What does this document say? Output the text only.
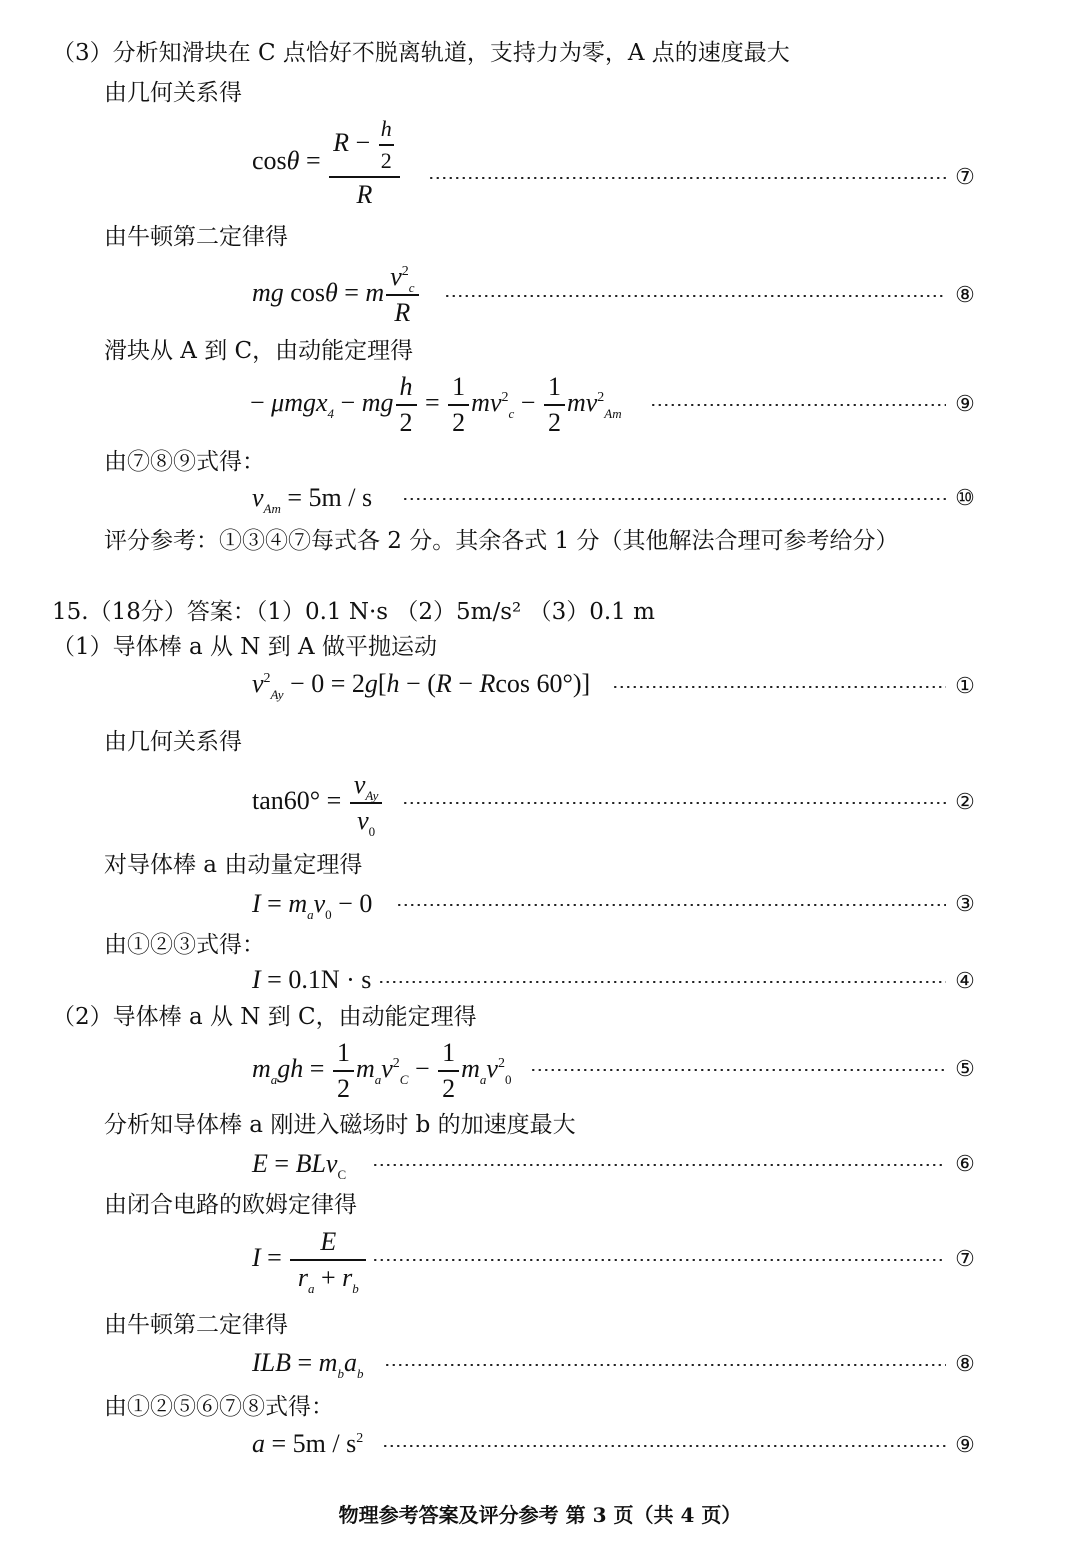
（3）分析知滑块在 C 点恰好不脱离轨道，支持力为零，A 点的速度最大
由几何关系得
$\cos\theta = \frac{R - \frac{h}{2}}{R}$	⑦
由牛顿第二定律得
mg cosθ = m $\frac{v^2_c}{R}$	⑧
滑块从 A 到 C，由动能定理得
− μmgx$_4$ − mg $\frac{h}{2} = \frac{1}{2} mv^2_c - \frac{1}{2} mv^2_{Am}$	⑨
由⑦⑧⑨式得：
$v_{Am} = 5m / s$	⑩
评分参考：①③④⑦每式各 2 分。其余各式 1 分（其他解法合理可参考给分）
15.（18分）答案：（1）0.1 N·s （2）5m/s² （3）0.1 m
（1）导体棒 a 从 N 到 A 做平抛运动
$v^2_{Ay} - 0 = 2g[h - (R - Rcos$ 60°)]	①
由几何关系得
$\tan 60^\circ = \frac{v_{Ay}}{v_0}$	②
对导体棒 a 由动量定理得
$I = m_av_0 - 0$	③
由①②③式得：
I = 0.1N · s	④
（2）导体棒 a 从 N 到 C，由动能定理得
$m_agh = \frac{1}{2} m_av^2_C - \frac{1}{2} m_av^2_0$	⑤
分析知导体棒 a 刚进入磁场时 b 的加速度最大
E = BLv$_C$	⑥
由闭合电路的欧姆定律得
$I = \frac{E}{r_a + r_b}$	⑦
由牛顿第二定律得
ILB = $m_ba_b$	⑧
由①②⑤⑥⑦⑧式得：
$a = 5m / s^2$	⑨
物理参考答案及评分参考 第 3 页（共 4 页）
